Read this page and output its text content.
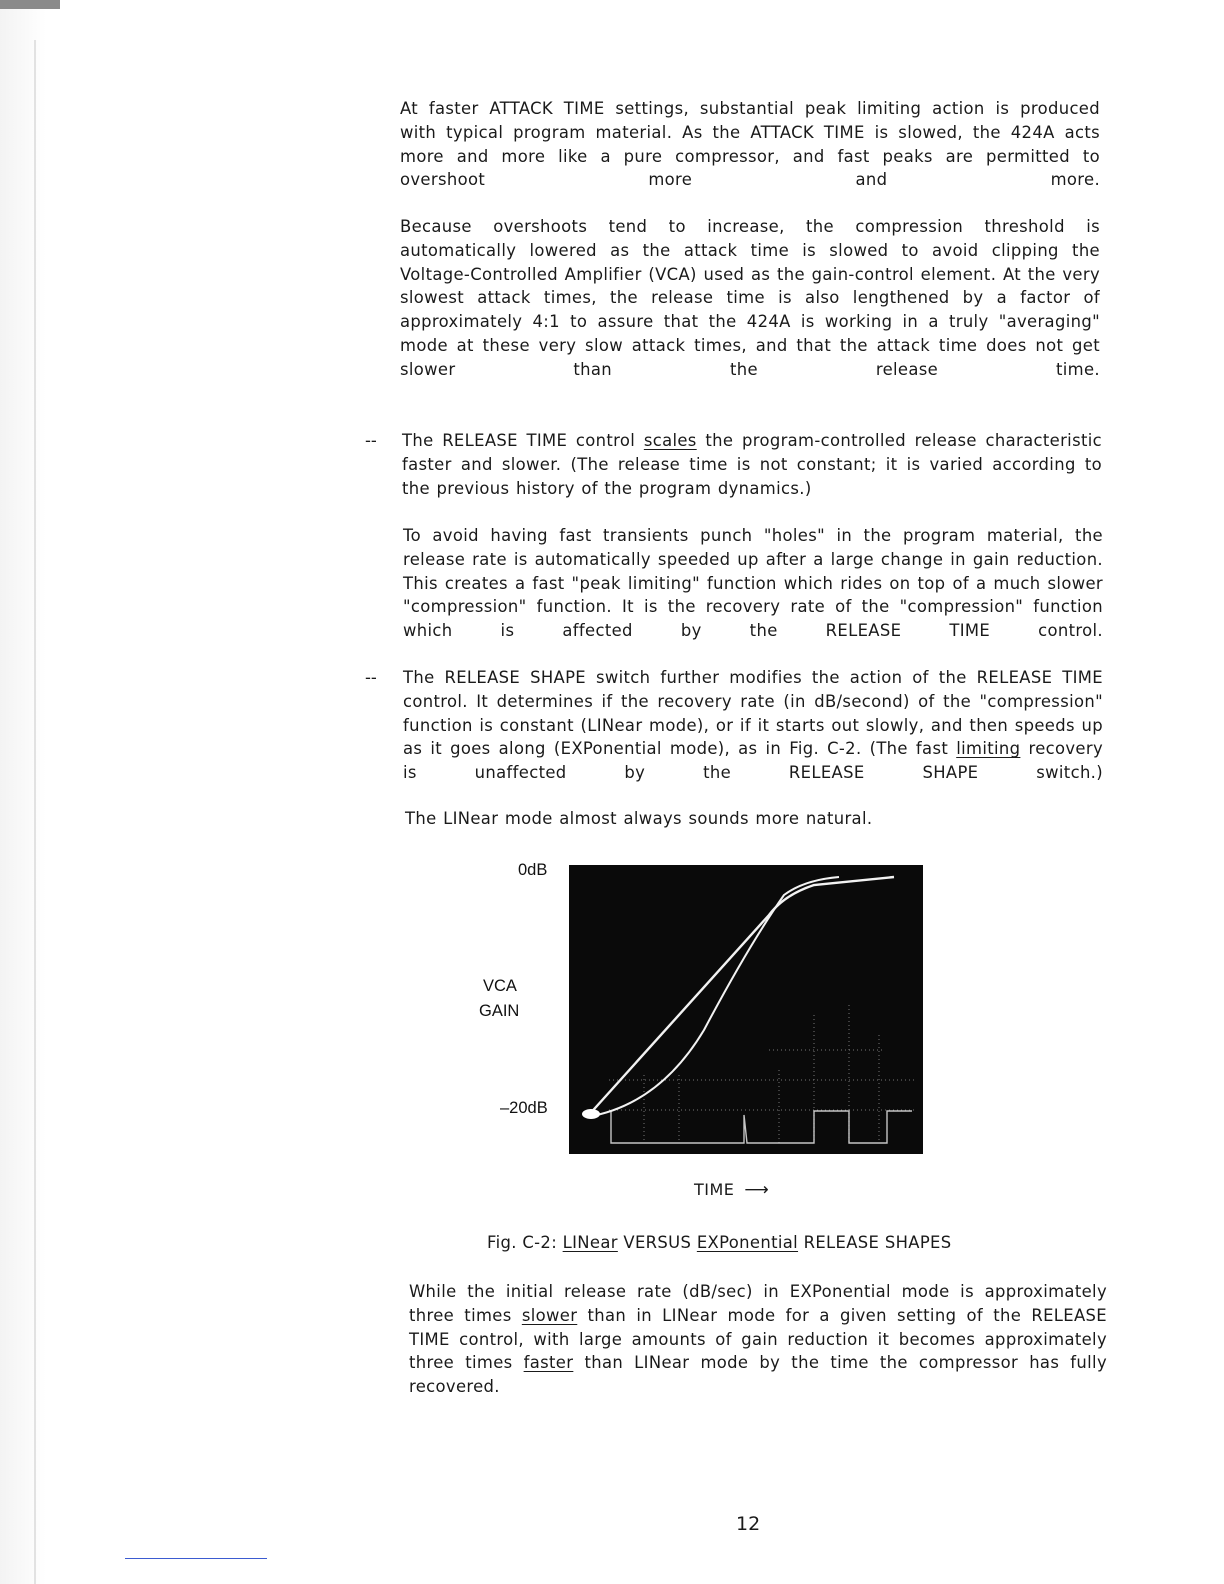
At faster ATTACK TIME settings, substantial peak limiting action is produced with typical program material. As the ATTACK TIME is slowed, the 424A acts more and more like a pure compressor, and fast peaks are permitted to overshoot more and more.

Because overshoots tend to increase, the compression threshold is automatically lowered as the attack time is slowed to avoid clipping the Voltage-Controlled Amplifier (VCA) used as the gain-control element. At the very slowest attack times, the release time is also lengthened by a factor of approximately 4:1 to assure that the 424A is working in a truly "averaging" mode at these very slow attack times, and that the attack time does not get slower than the release time.

-- The RELEASE TIME control scales the program-controlled release characteristic faster and slower. (The release time is not constant; it is varied according to the previous history of the program dynamics.)

To avoid having fast transients punch "holes" in the program material, the release rate is automatically speeded up after a large change in gain reduction. This creates a fast "peak limiting" function which rides on top of a much slower "compression" function. It is the recovery rate of the "compression" function which is affected by the RELEASE TIME control.

-- The RELEASE SHAPE switch further modifies the action of the RELEASE TIME control. It determines if the recovery rate (in dB/second) of the "compression" function is constant (LINear mode), or if it starts out slowly, and then speeds up as it goes along (EXPonential mode), as in Fig. C-2. (The fast limiting recovery is unaffected by the RELEASE SHAPE switch.)

The LINear mode almost always sounds more natural.

0dB

VCA

GAIN

–20dB

TIME ⟶

Fig. C-2: LINear VERSUS EXPonential RELEASE SHAPES

While the initial release rate (dB/sec) in EXPonential mode is approximately three times slower than in LINear mode for a given setting of the RELEASE TIME control, with large amounts of gain reduction it becomes approximately three times faster than LINear mode by the time the compressor has fully recovered.

12
